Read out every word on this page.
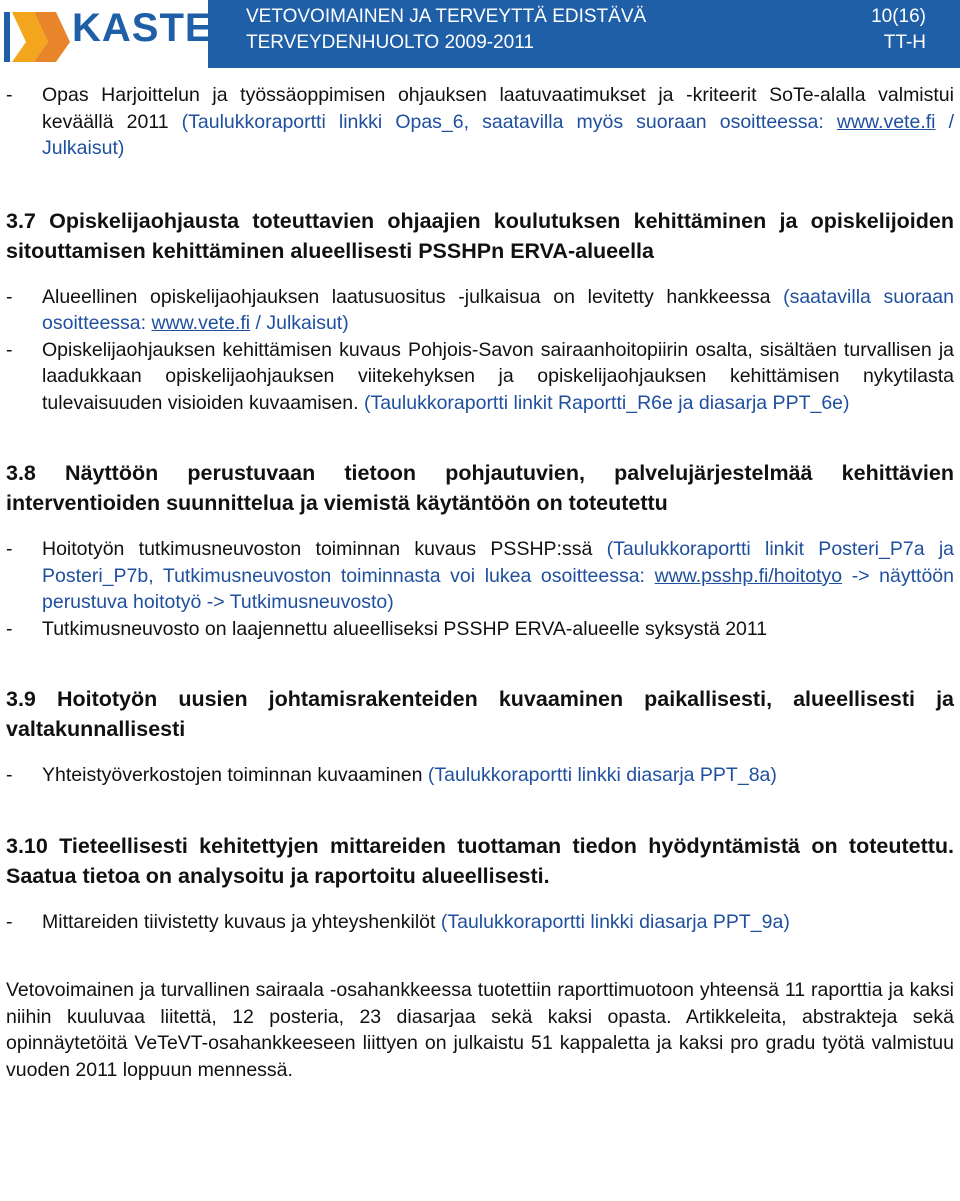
KASTE VETOVOIMAINEN JA TERVEYTTÄ EDISTÄVÄ
TERVEYDENHUOLTO 2009-2011
10(16)
TT-H
- Opas Harjoittelun ja työssäoppimisen ohjauksen laatuvaatimukset ja -kriteerit SoTe-alalla valmistui keväällä 2011 (Taulukkoraportti linkki Opas_6, saatavilla myös suoraan osoitteessa: www.vete.fi / Julkaisut)
3.7 Opiskelijaohjausta toteuttavien ohjaajien koulutuksen kehittäminen ja opiskelijoiden sitouttamisen kehittäminen alueellisesti PSSHPn ERVA-alueella
- Alueellinen opiskelijaohjauksen laatusuositus -julkaisua on levitetty hankkeessa (saatavilla suoraan osoitteessa: www.vete.fi / Julkaisut)
- Opiskelijaohjauksen kehittämisen kuvaus Pohjois-Savon sairaanhoitopiirin osalta, sisältäen turvallisen ja laadukkaan opiskelijaohjauksen viitekehyksen ja opiskelijaohjauksen kehittämisen nykytilasta tulevaisuuden visioiden kuvaamisen. (Taulukkoraportti linkit Raportti_R6e ja diasarja PPT_6e)
3.8 Näyttöön perustuvaan tietoon pohjautuvien, palvelujärjestelmää kehittävien interventioiden suunnittelua ja viemistä käytäntöön on toteutettu
- Hoitotyön tutkimusneuvoston toiminnan kuvaus PSSHP:ssä (Taulukkoraportti linkit Posteri_P7a ja Posteri_P7b, Tutkimusneuvoston toiminnasta voi lukea osoitteessa: www.psshp.fi/hoitotyo -> näyttöön perustuva hoitotyö -> Tutkimusneuvosto)
- Tutkimusneuvosto on laajennettu alueelliseksi PSSHP ERVA-alueelle syksystä 2011
3.9 Hoitotyön uusien johtamisrakenteiden kuvaaminen paikallisesti, alueellisesti ja valtakunnallisesti
- Yhteistyöverkostojen toiminnan kuvaaminen (Taulukkoraportti linkki diasarja PPT_8a)
3.10 Tieteellisesti kehitettyjen mittareiden tuottaman tiedon hyödyntämistä on toteutettu. Saatua tietoa on analysoitu ja raportoitu alueellisesti.
- Mittareiden tiivistetty kuvaus ja yhteyshenkilöt (Taulukkoraportti linkki diasarja PPT_9a)
Vetovoimainen ja turvallinen sairaala -osahankkeessa tuotettiin raporttimuotoon yhteensä 11 raporttia ja kaksi niihin kuuluvaa liitettä, 12 posteria, 23 diasarjaa sekä kaksi opasta. Artikkeleita, abstrakteja sekä opinnäytetöitä VeTeVT-osahankkeeseen liittyen on julkaistu 51 kappaletta ja kaksi pro gradu työtä valmistuu vuoden 2011 loppuun mennessä.
